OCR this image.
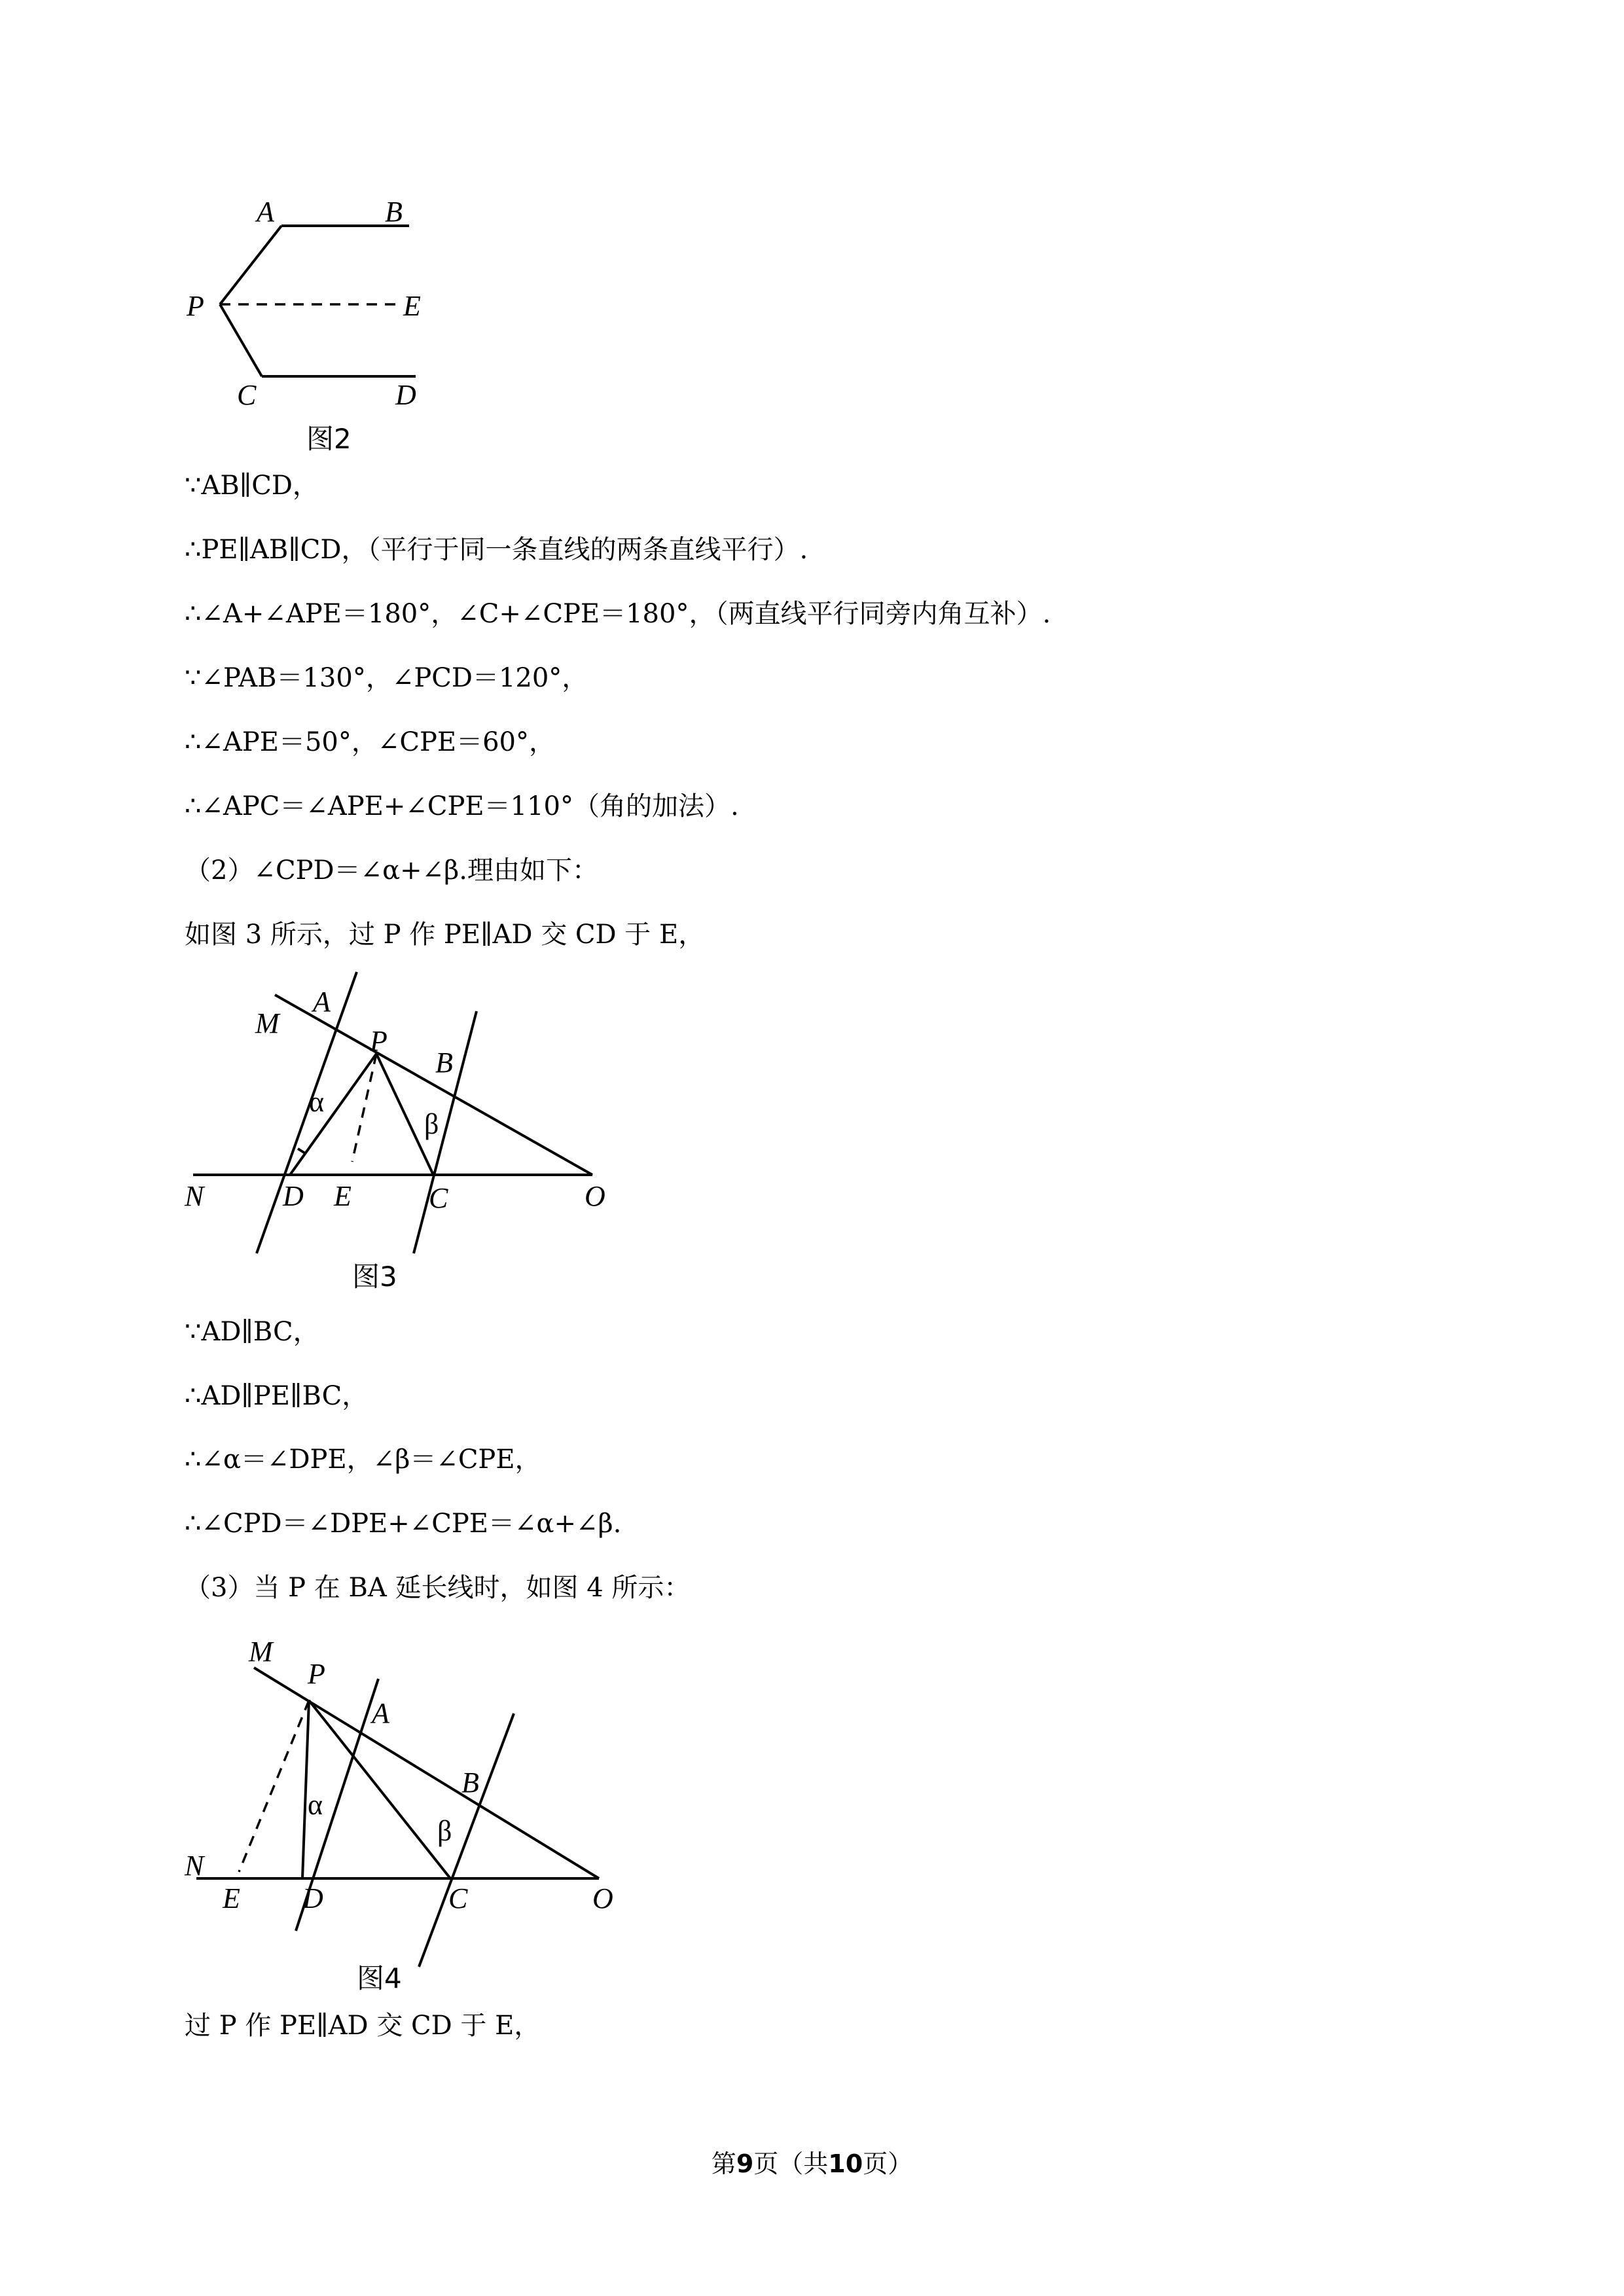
A	B
P	E
C	D
图2
∵AB∥CD，
∴PE∥AB∥CD，（平行于同一条直线的两条直线平行）.
∴∠A+∠APE＝180°，∠C+∠CPE＝180°，（两直线平行同旁内角互补）.
∵∠PAB＝130°，∠PCD＝120°，
∴∠APE＝50°，∠CPE＝60°，
∴∠APC＝∠APE+∠CPE＝110°（角的加法）.
（2）∠CPD＝∠α+∠β.理由如下：
如图 3 所示，过 P 作 PE∥AD 交 CD 于 E，
M
A
P
B
α
β
N	D E	C	O
图3
∵AD∥BC，
∴AD∥PE∥BC，
∴∠α＝∠DPE，∠β＝∠CPE，
∴∠CPD＝∠DPE+∠CPE＝∠α+∠β.
（3）当 P 在 BA 延长线时，如图 4 所示：
M
P
A
B
α
β
N
E D	C	O
图4
过 P 作 PE∥AD 交 CD 于 E，
第9页（共10页）
